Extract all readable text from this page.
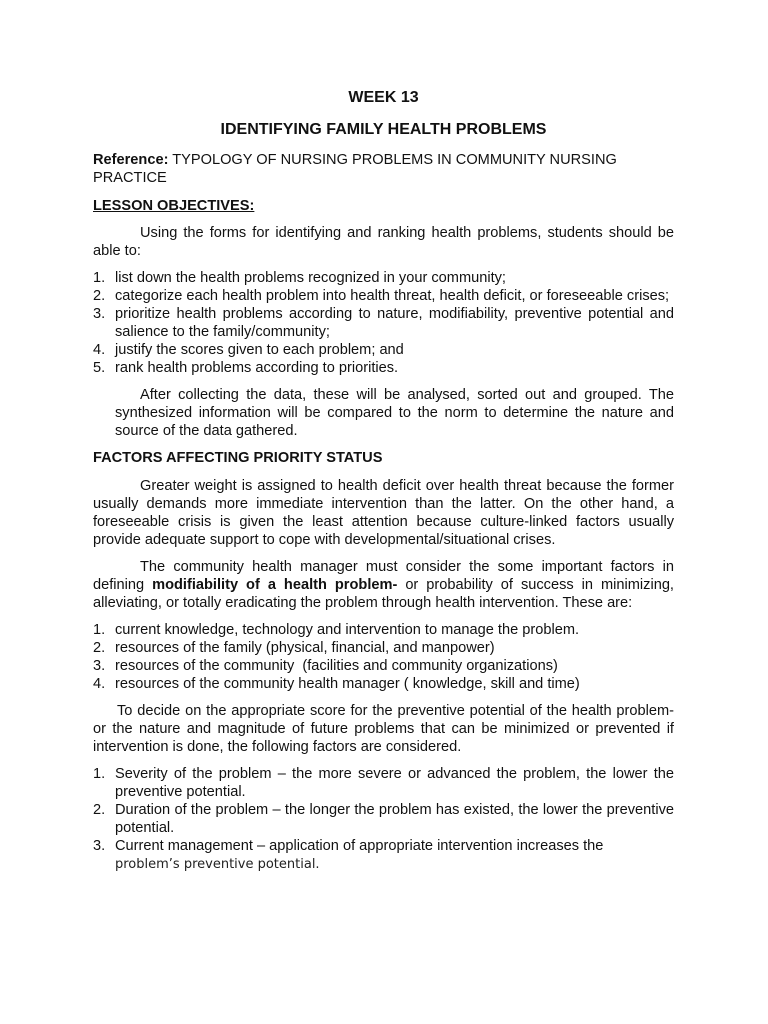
WEEK 13
IDENTIFYING FAMILY HEALTH PROBLEMS
Reference: TYPOLOGY OF NURSING PROBLEMS IN COMMUNITY NURSING PRACTICE
LESSON OBJECTIVES:

Using the forms for identifying and ranking health problems, students should be able to:

1. list down the health problems recognized in your community;
2. categorize each health problem into health threat, health deficit, or foreseeable crises;
3. prioritize health problems according to nature, modifiability, preventive potential and salience to the family/community;
4. justify the scores given to each problem; and
5. rank health problems according to priorities.

After collecting the data, these will be analysed, sorted out and grouped. The synthesized information will be compared to the norm to determine the nature and source of the data gathered.

FACTORS AFFECTING PRIORITY STATUS

Greater weight is assigned to health deficit over health threat because the former usually demands more immediate intervention than the latter. On the other hand, a foreseeable crisis is given the least attention because culture-linked factors usually provide adequate support to cope with developmental/situational crises.

The community health manager must consider the some important factors in defining modifiability of a health problem- or probability of success in minimizing, alleviating, or totally eradicating the problem through health intervention. These are:

1. current knowledge, technology and intervention to manage the problem.
2. resources of the family (physical, financial, and manpower)
3. resources of the community  (facilities and community organizations)
4. resources of the community health manager ( knowledge, skill and time)

To decide on the appropriate score for the preventive potential of the health problem- or the nature and magnitude of future problems that can be minimized or prevented if intervention is done, the following factors are considered.

1. Severity of the problem – the more severe or advanced the problem, the lower the preventive potential.
2. Duration of the problem – the longer the problem has existed, the lower the preventive potential.
3. Current management – application of appropriate intervention increases the
problem’s preventive potential.
